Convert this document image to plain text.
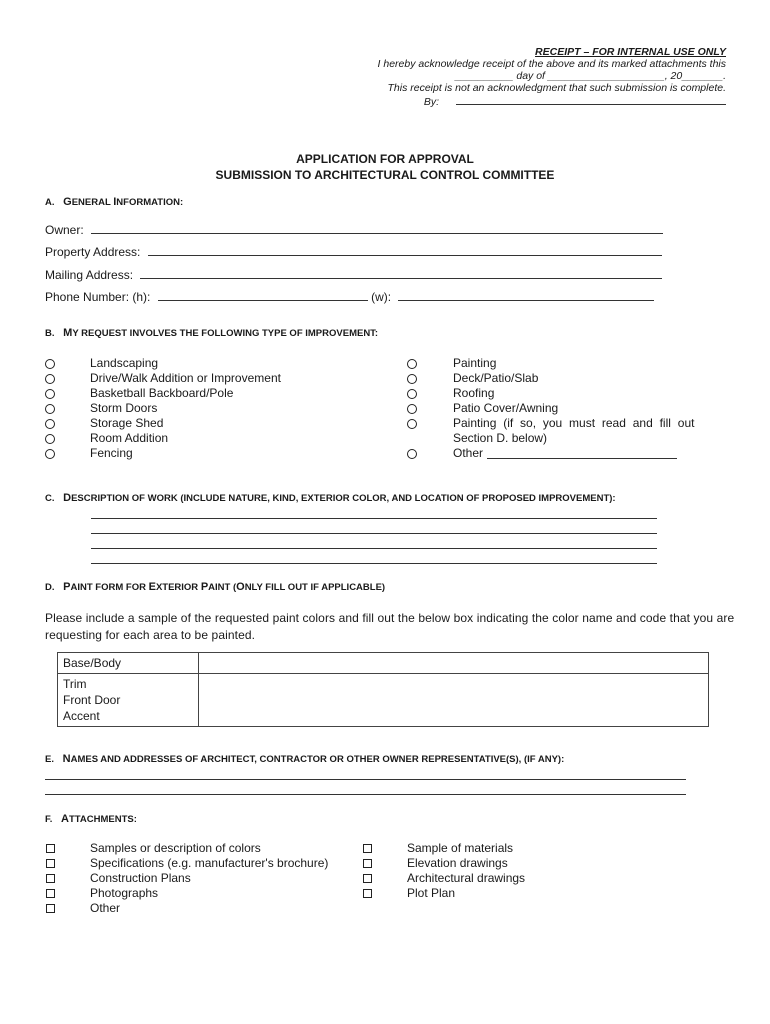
RECEIPT – FOR INTERNAL USE ONLY
I hereby acknowledge receipt of the above and its marked attachments this
__________ day of ____________________, 20_______.
This receipt is not an acknowledgment that such submission is complete.
By:
APPLICATION FOR APPROVAL
SUBMISSION TO ARCHITECTURAL CONTROL COMMITTEE
A. GENERAL INFORMATION:
Owner:
Property Address:
Mailing Address:
Phone Number: (h):	(w):
B. MY REQUEST INVOLVES THE FOLLOWING TYPE OF IMPROVEMENT:
Landscaping
Drive/Walk Addition or Improvement
Basketball Backboard/Pole
Storm Doors
Storage Shed
Room Addition
Fencing
Painting
Deck/Patio/Slab
Roofing
Patio Cover/Awning
Painting (if so, you must read and fill out
Section D. below)
Other
C. DESCRIPTION OF WORK (INCLUDE NATURE, KIND, EXTERIOR COLOR, AND LOCATION OF PROPOSED IMPROVEMENT):
D. PAINT FORM FOR EXTERIOR PAINT (ONLY FILL OUT IF APPLICABLE)
Please include a sample of the requested paint colors and fill out the below box indicating the color name and code that you are requesting for each area to be painted.
Base/Body	

Trim
Front Door
Accent	

E. NAMES AND ADDRESSES OF ARCHITECT, CONTRACTOR OR OTHER OWNER REPRESENTATIVE(S), (IF ANY):
F. ATTACHMENTS:
Samples or description of colors
Specifications (e.g. manufacturer's brochure)
Construction Plans
Photographs
Other
Sample of materials
Elevation drawings
Architectural drawings
Plot Plan
